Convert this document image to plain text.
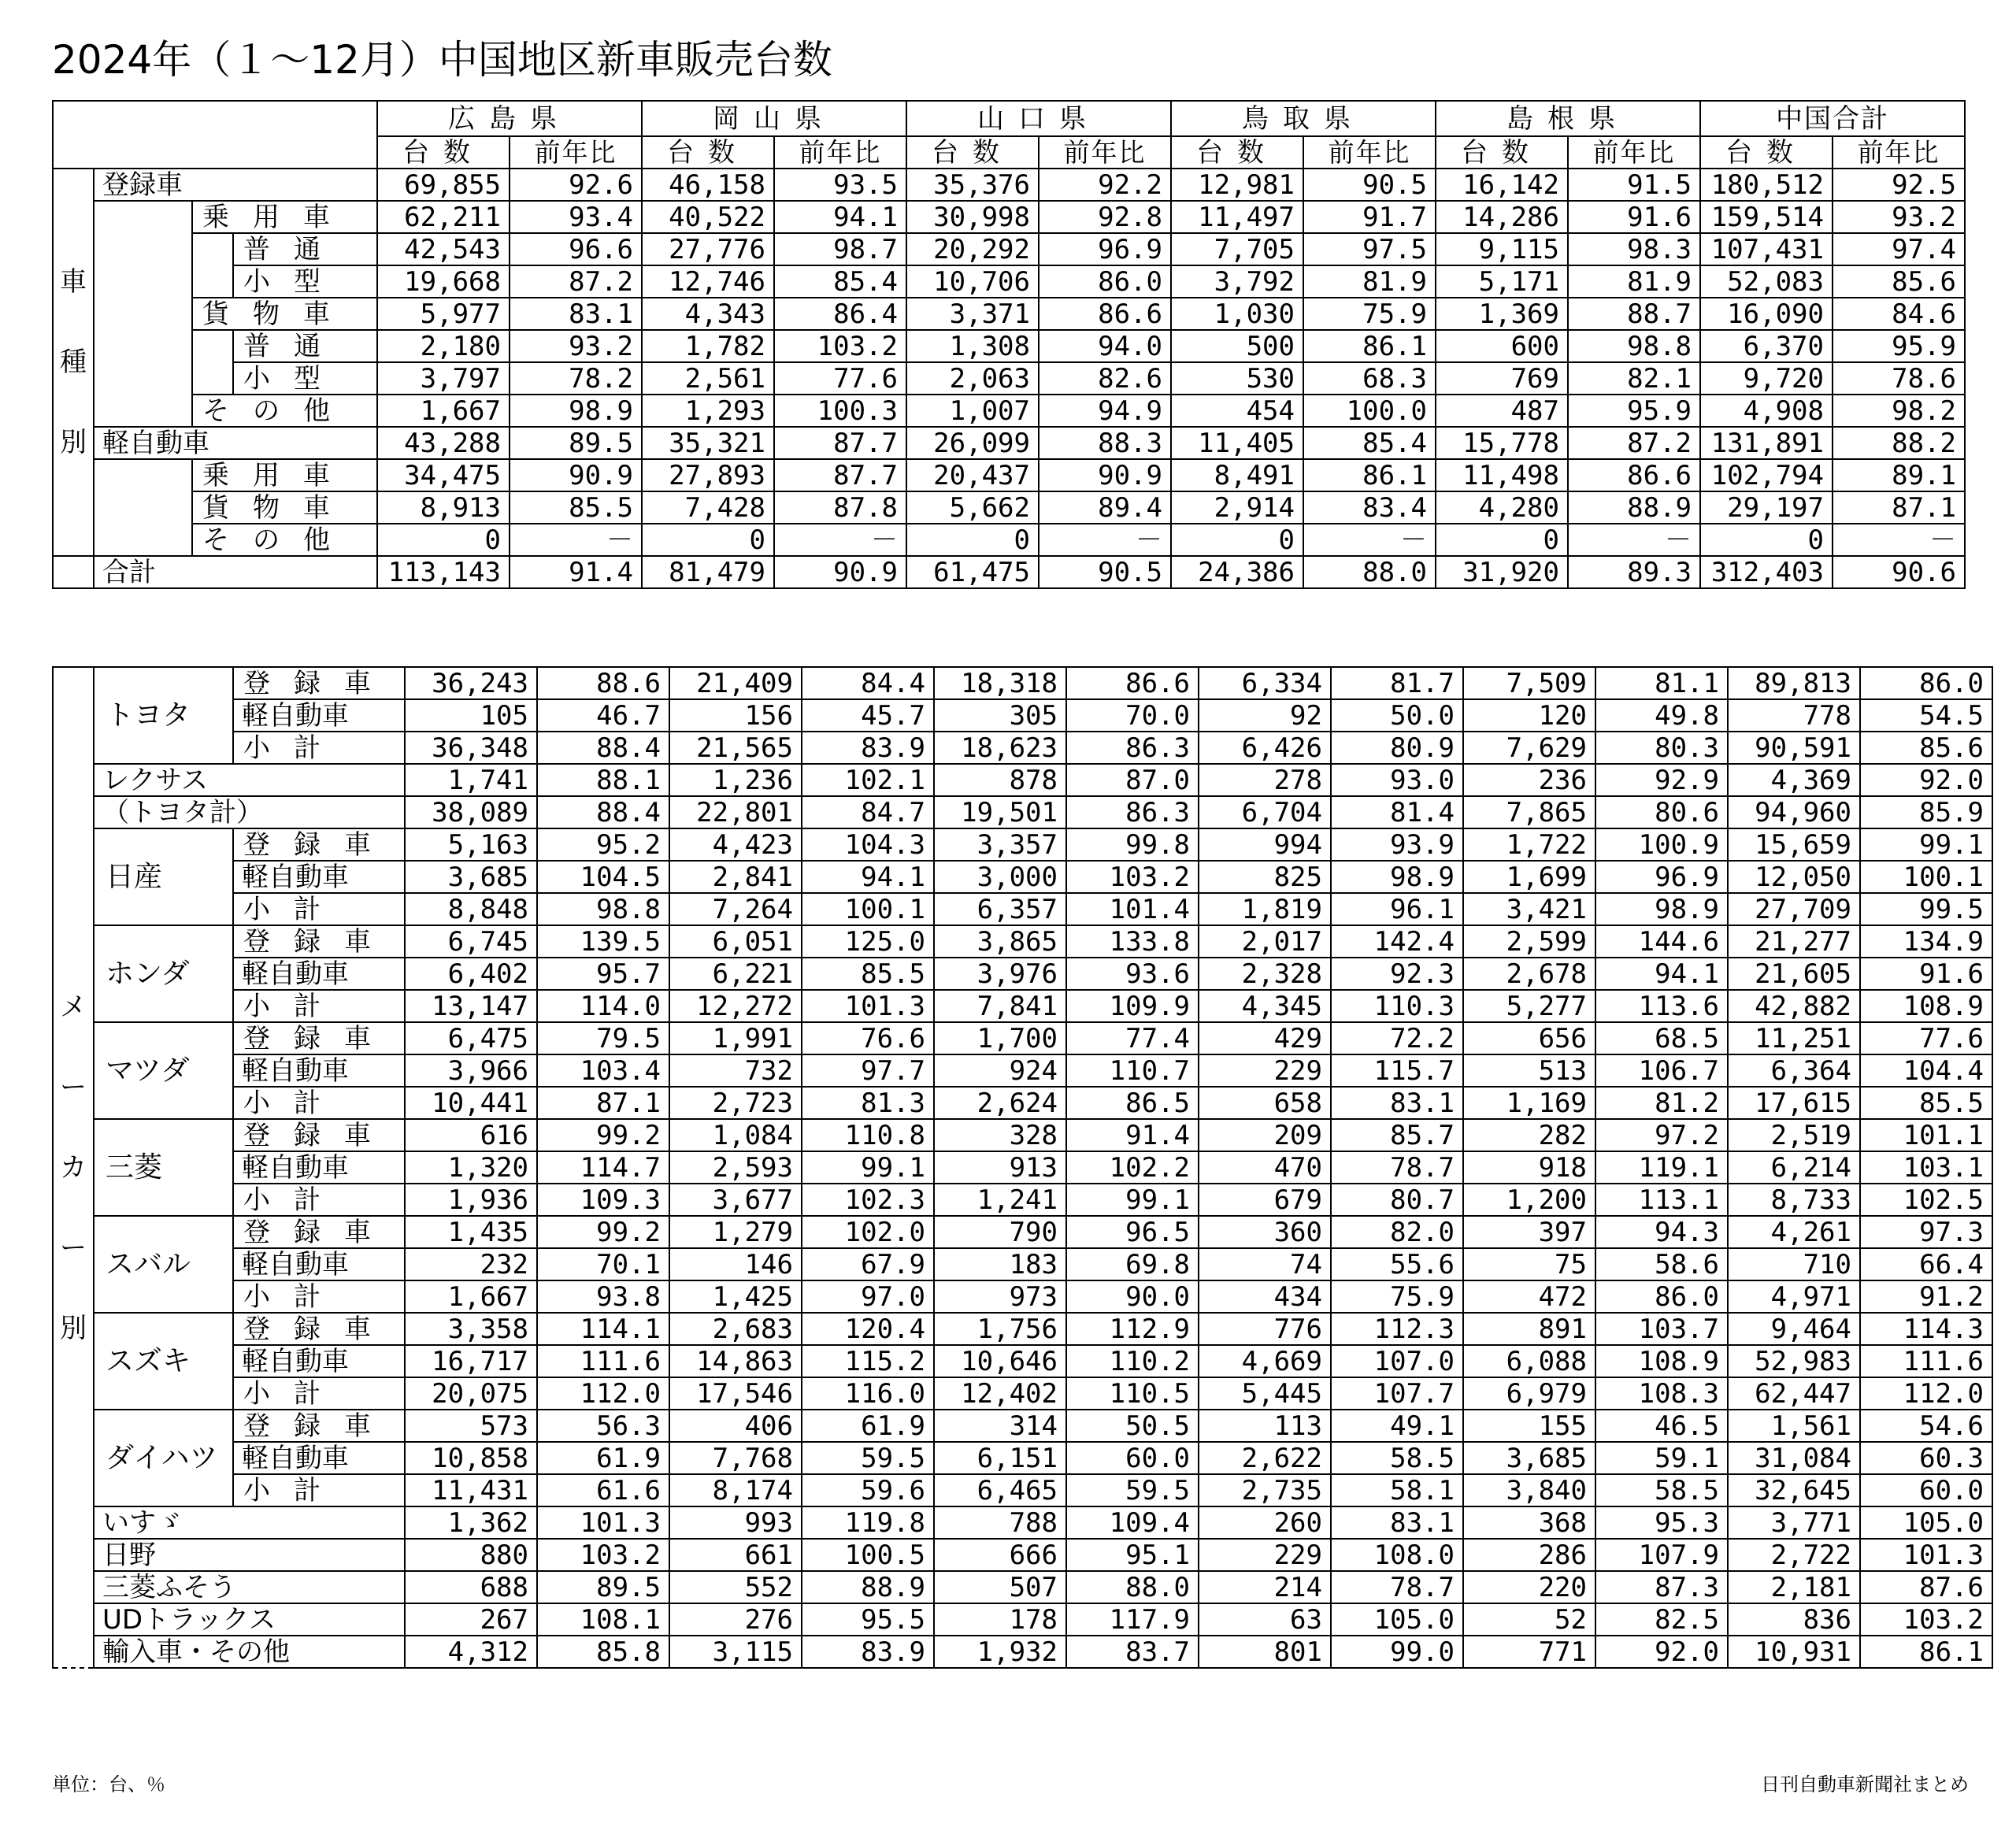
2024年（１～12月）中国地区新車販売台数
				広島県		岡山県		山口県		鳥取県		島根県		中国合計	
				台数	前年比	台数	前年比	台数	前年比	台数	前年比	台数	前年比	台数	前年比
車
種
別	登録車			69,855	92.6	46,158	93.5	35,376	92.2	12,981	90.5	16,142	91.5	180,512	92.5

		乗用車		62,211	93.4	40,522	94.1	30,998	92.8	11,497	91.7	14,286	91.6	159,514	93.2

			普通	42,543	96.6	27,776	98.7	20,292	96.9	7,705	97.5	9,115	98.3	107,431	97.4

			小型	19,668	87.2	12,746	85.4	10,706	86.0	3,792	81.9	5,171	81.9	52,083	85.6

		貨物車		5,977	83.1	4,343	86.4	3,371	86.6	1,030	75.9	1,369	88.7	16,090	84.6

			普通	2,180	93.2	1,782	103.2	1,308	94.0	500	86.1	600	98.8	6,370	95.9

			小型	3,797	78.2	2,561	77.6	2,063	82.6	530	68.3	769	82.1	9,720	78.6

		その他		1,667	98.9	1,293	100.3	1,007	94.9	454	100.0	487	95.9	4,908	98.2
	軽自動車			43,288	89.5	35,321	87.7	26,099	88.3	11,405	85.4	15,778	87.2	131,891	88.2

		乗用車		34,475	90.9	27,893	87.7	20,437	90.9	8,491	86.1	11,498	86.6	102,794	89.1

		貨物車		8,913	85.5	7,428	87.8	5,662	89.4	2,914	83.4	4,280	88.9	29,197	87.1

		その他		0	－	0	－	0	－	0	－	0	－	0	－
	合計			113,143	91.4	81,479	90.9	61,475	90.5	24,386	88.0	31,920	89.3	312,403	90.6
メ
ー
カ
ー
別	トヨタ	登録車	36,243	88.6	21,409	84.4	18,318	86.6	6,334	81.7	7,509	81.1	89,813	86.0
		軽自動車	105	46.7	156	45.7	305	70.0	92	50.0	120	49.8	778	54.5

		小計	36,348	88.4	21,565	83.9	18,623	86.3	6,426	80.9	7,629	80.3	90,591	85.6
	レクサス		1,741	88.1	1,236	102.1	878	87.0	278	93.0	236	92.9	4,369	92.0
	（トヨタ計）		38,089	88.4	22,801	84.7	19,501	86.3	6,704	81.4	7,865	80.6	94,960	85.9
	日産	登録車	5,163	95.2	4,423	104.3	3,357	99.8	994	93.9	1,722	100.9	15,659	99.1
		軽自動車	3,685	104.5	2,841	94.1	3,000	103.2	825	98.9	1,699	96.9	12,050	100.1

		小計	8,848	98.8	7,264	100.1	6,357	101.4	1,819	96.1	3,421	98.9	27,709	99.5
	ホンダ	登録車	6,745	139.5	6,051	125.0	3,865	133.8	2,017	142.4	2,599	144.6	21,277	134.9
		軽自動車	6,402	95.7	6,221	85.5	3,976	93.6	2,328	92.3	2,678	94.1	21,605	91.6

		小計	13,147	114.0	12,272	101.3	7,841	109.9	4,345	110.3	5,277	113.6	42,882	108.9
	マツダ	登録車	6,475	79.5	1,991	76.6	1,700	77.4	429	72.2	656	68.5	11,251	77.6
		軽自動車	3,966	103.4	732	97.7	924	110.7	229	115.7	513	106.7	6,364	104.4

		小計	10,441	87.1	2,723	81.3	2,624	86.5	658	83.1	1,169	81.2	17,615	85.5
	三菱	登録車	616	99.2	1,084	110.8	328	91.4	209	85.7	282	97.2	2,519	101.1
		軽自動車	1,320	114.7	2,593	99.1	913	102.2	470	78.7	918	119.1	6,214	103.1

		小計	1,936	109.3	3,677	102.3	1,241	99.1	679	80.7	1,200	113.1	8,733	102.5
	スバル	登録車	1,435	99.2	1,279	102.0	790	96.5	360	82.0	397	94.3	4,261	97.3
		軽自動車	232	70.1	146	67.9	183	69.8	74	55.6	75	58.6	710	66.4

		小計	1,667	93.8	1,425	97.0	973	90.0	434	75.9	472	86.0	4,971	91.2
	スズキ	登録車	3,358	114.1	2,683	120.4	1,756	112.9	776	112.3	891	103.7	9,464	114.3
		軽自動車	16,717	111.6	14,863	115.2	10,646	110.2	4,669	107.0	6,088	108.9	52,983	111.6

		小計	20,075	112.0	17,546	116.0	12,402	110.5	5,445	107.7	6,979	108.3	62,447	112.0
	ダイハツ	登録車	573	56.3	406	61.9	314	50.5	113	49.1	155	46.5	1,561	54.6
		軽自動車	10,858	61.9	7,768	59.5	6,151	60.0	2,622	58.5	3,685	59.1	31,084	60.3

		小計	11,431	61.6	8,174	59.6	6,465	59.5	2,735	58.1	3,840	58.5	32,645	60.0
	いすゞ		1,362	101.3	993	119.8	788	109.4	260	83.1	368	95.3	3,771	105.0
	日野		880	103.2	661	100.5	666	95.1	229	108.0	286	107.9	2,722	101.3
	三菱ふそう		688	89.5	552	88.9	507	88.0	214	78.7	220	87.3	2,181	87.6
	UDトラックス		267	108.1	276	95.5	178	117.9	63	105.0	52	82.5	836	103.2
	輸入車・その他		4,312	85.8	3,115	83.9	1,932	83.7	801	99.0	771	92.0	10,931	86.1
単位：台、％	日刊自動車新聞社まとめ
